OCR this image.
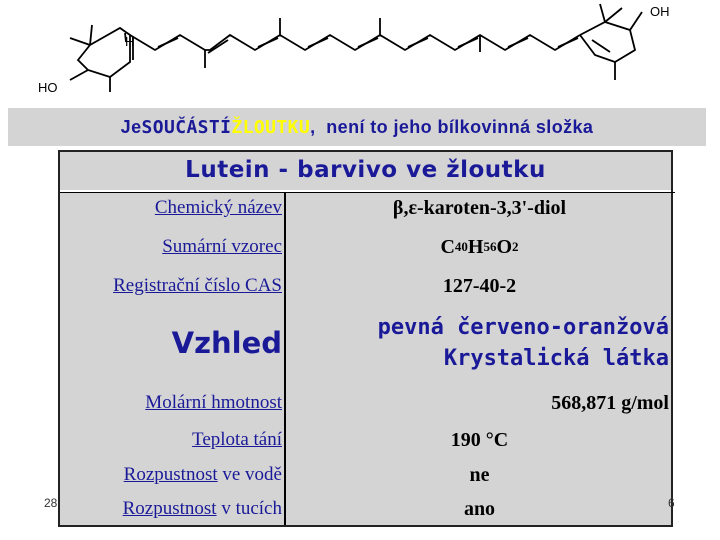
H
OH
HO
Je SOUČÁSTÍ ŽLOUTKU , není to jeho bílkovinná složka
Lutein - barvivo ve žloutku
Chemický název	β,ε-karoten-3,3'-diol
Sumární vzorec	C 40 H 56 O 2
Registrační číslo CAS	127-40-2
Vzhled	pevná červeno-oranžová
Krystalická látka
Molární hmotnost	568,871 g/mol
Teplota tání	190 °C
Rozpustnost ve vodě	ne
Rozpustnost v tucích	ano
28	6
